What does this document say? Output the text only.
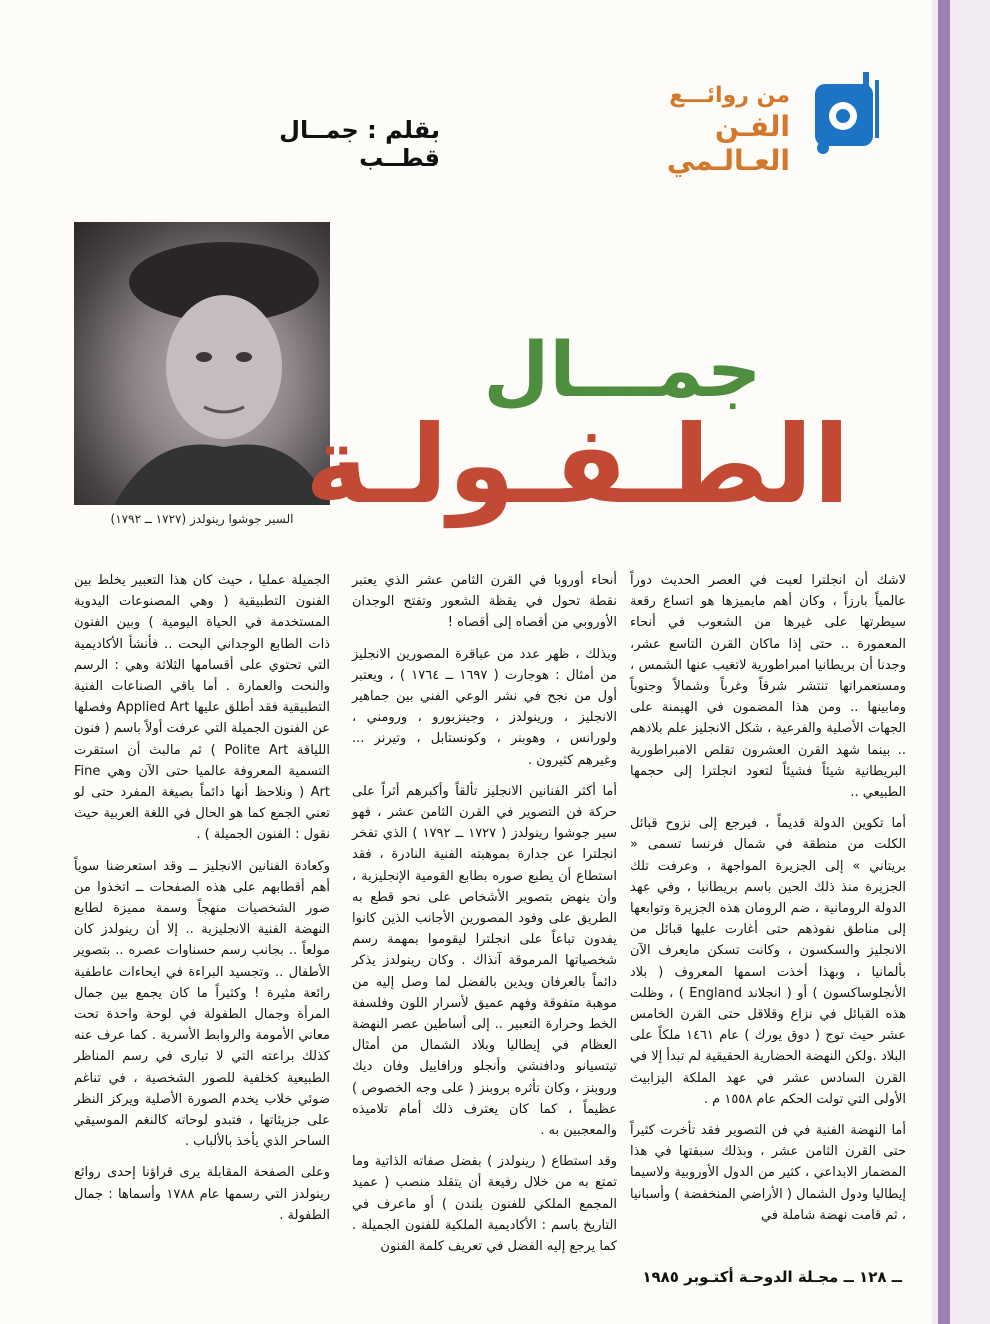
من روائـــع
الفـن العـالـمي
بقلم : جمــال قطــب
السير جوشوا رينولدز (١٧٢٧ ــ ١٧٩٢)
جمـــال
الطـفـولـة

لاشك أن انجلترا لعبت في العصر الحديث دوراً عالمياً بارزاً ، وكان أهم مايميزها هو اتساع رقعة سيطرتها على غيرها من الشعوب في أنحاء المعمورة .. حتى إذا ماكان القرن التاسع عشر، وجدنا أن بريطانيا امبراطورية لاتغيب عنها الشمس ، ومستعمراتها تنتشر شرقاً وغرباً وشمالاً وجنوباً ومابينها .. ومن هذا المضمون في الهيمنة على الجهات الأصلية والفرعية ، شكل الانجليز علم بلادهم .. بينما شهد القرن العشرون تقلص الامبراطورية البريطانية شيئاً فشيئاً لتعود انجلترا إلى حجمها الطبيعي ..

أما تكوين الدولة قديماً ، فيرجع إلى نزوح قبائل الكلت من منطقة في شمال فرنسا تسمى « بريتاني » إلى الجزيرة المواجهة ، وعرفت تلك الجزيرة منذ ذلك الحين باسم بريطانيا ، وفي عهد الدولة الرومانية ، ضم الرومان هذه الجزيرة وتوابعها إلى مناطق نفوذهم حتى أغارت عليها قبائل من الانجليز والسكسون ، وكانت تسكن مايعرف الآن بألمانيا ، وبهذا أخذت اسمها المعروف ( بلاد الأنجلوساكسون ) أو ( انجلاند England ) ، وظلت هذه القبائل في نزاع وقلاقل حتى القرن الخامس عشر حيث توج ( دوق يورك ) عام ١٤٦١ ملكاً على البلاد .ولكن النهضة الحضارية الحقيقية لم تبدأ إلا في القرن السادس عشر في عهد الملكة اليزابيث الأولى التي تولت الحكم عام ١٥٥٨ م .

أما النهضة الفنية في فن التصوير فقد تأخرت كثيراً حتى القرن الثامن عشر ، وبذلك سبقتها في هذا المضمار الابداعي ، كثير من الدول الأوروبية ولاسيما إيطاليا ودول الشمال ( الأراضي المنخفضة ) وأسبانيا ، ثم قامت نهضة شاملة في

أنحاء أوروبا في القرن الثامن عشر الذي يعتبر نقطة تحول في يقظة الشعور وتفتح الوجدان الأوروبي من أقصاه إلى أقصاه !

وبذلك ، ظهر عدد من عباقرة المصورين الانجليز من أمثال : هوجارت ( ١٦٩٧ ــ ١٧٦٤ ) ، ويعتبر أول من نجح في نشر الوعي الفني بين جماهير الانجليز ، ورينولدز ، وجينزبورو ، ورومني ، ولورانس ، وهوبنر ، وكونستابل ، وتيرنر ... وغيرهم كثيرون .

أما أكثر الفنانين الانجليز تألقاً وأكبرهم أثراً على حركة فن التصوير في القرن الثامن عشر ، فهو سير جوشوا رينولدز ( ١٧٢٧ ــ ١٧٩٢ ) الذي تفخر انجلترا عن جدارة بموهبته الفنية النادرة ، فقد استطاع أن يطبع صوره بطابع القومية الإنجليزية ، وأن ينهض بتصوير الأشخاص على نحو قطع به الطريق على وفود المصورين الأجانب الذين كانوا يفدون تباعاً على انجلترا ليقوموا بمهمة رسم شخصياتها المرموقة آنذاك . وكان رينولدز يذكر دائماً بالعرفان ويدين بالفضل لما وصل إليه من موهبة متفوقة وفهم عميق لأسرار اللون وفلسفة الخط وحرارة التعبير .. إلى أساطين عصر النهضة العظام في إيطاليا وبلاد الشمال من أمثال تيتسيانو ودافنشي وأنجلو ورافاييل وفان ديك وروبنز ، وكان تأثره بروبنز ( على وجه الخصوص ) عظيماً ، كما كان يعترف ذلك أمام تلاميذه والمعجبين به .

وقد استطاع ( رينولدز ) بفضل صفاته الذاتية وما تمتع به من خلال رفيعة أن يتقلد منصب ( عميد المجمع الملكي للفنون بلندن ) أو ماعرف في التاريخ باسم : الأكاديمية الملكية للفنون الجميلة . كما يرجع إليه الفضل في تعريف كلمة الفنون

الجميلة عمليا ، حيث كان هذا التعبير يخلط بين الفنون التطبيقية ( وهي المصنوعات اليدوية المستخدمة في الحياة اليومية ) وبين الفنون ذات الطابع الوجداني البحت .. فأنشأ الأكاديمية التي تحتوي على أقسامها الثلاثة وهي : الرسم والنحت والعمارة . أما باقي الصناعات الفنية التطبيقية فقد أطلق عليها Applied Art وفصلها عن الفنون الجميلة التي عرفت أولاً باسم ( فنون اللياقة Polite Art ) ثم مالبث أن استقرت التسمية المعروفة عالميا حتى الآن وهي Fine Art ( ونلاحظ أنها دائماً بصيغة المفرد حتى لو تعني الجمع كما هو الحال في اللغة العربية حيث نقول : الفنون الجميلة ) .

وكعادة الفنانين الانجليز ــ وقد استعرضنا سوياً أهم أقطابهم على هذه الصفحات ــ اتخذوا من صور الشخصيات منهجاً وسمة مميزة لطابع النهضة الفنية الانجليزية .. إلا أن رينولدز كان مولعاً .. بجانب رسم حسناوات عصره .. بتصوير الأطفال .. وتجسيد البراءة في ايحاءات عاطفية رائعة مثيرة ! وكثيراً ما كان يجمع بين جمال المرأة وجمال الطفولة في لوحة واحدة تحت معاني الأمومة والروابط الأسرية . كما عرف عنه كذلك براعته التي لا تبارى في رسم المناظر الطبيعية كخلفية للصور الشخصية ، في تناغم ضوئي خلاب يخدم الصورة الأصلية ويركز النظر على جزيئاتها ، فتبدو لوحاته كالنغم الموسيقي الساحر الذي يأخذ بالألباب .

وعلى الصفحة المقابلة يرى قراؤنا إحدى روائع رينولدز التي رسمها عام ١٧٨٨ وأسماها : جمال الطفولة .

ــ ١٢٨ ــ مجـلة الدوحـة أكتـوبر ١٩٨٥
